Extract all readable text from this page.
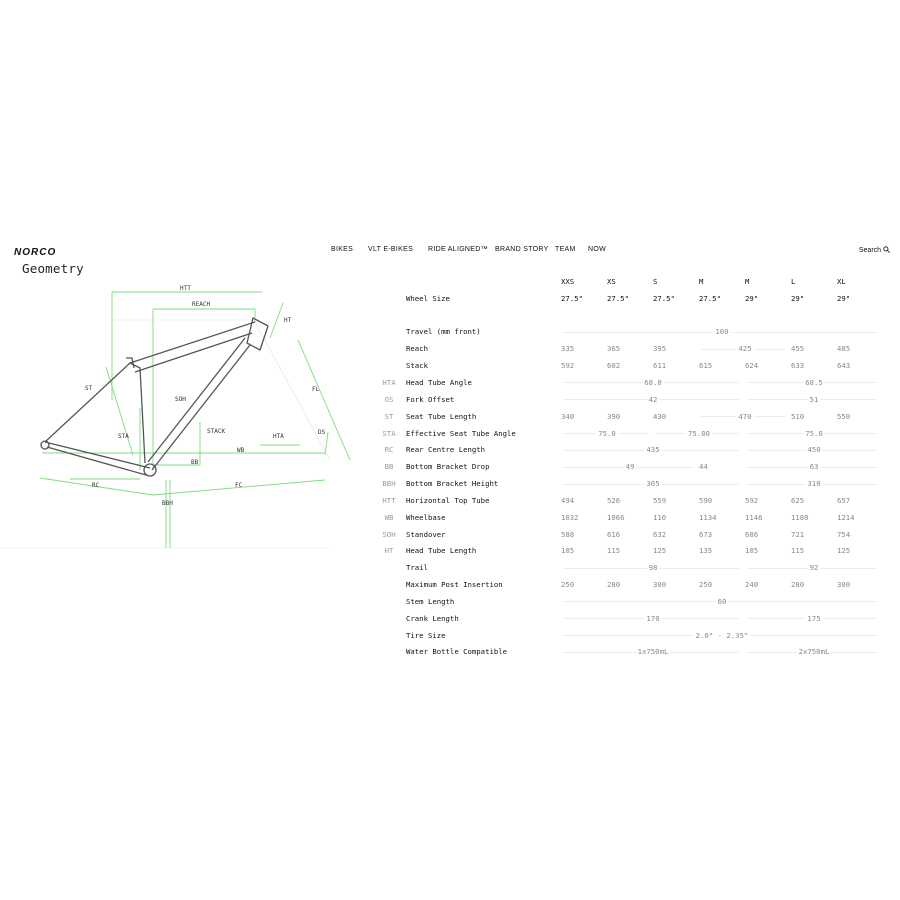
NORCO
Geometry
BIKES VLT E-BIKES RIDE ALIGNED™ BRAND STORY TEAM NOW	Search
HTT
REACH
HT
ST
SOH
FL
STACK
STA	HTA
DS
WB
BB
RC	FC
BBH
		XXS	XS	S	M	M	L	XL
	Wheel Size	27.5"	27.5"	27.5"	27.5"	29"	29"	29"

	Travel (mm front)	100						
	Reach	335	365	395	425		455	485
	Stack	592	602	611	615	624	633	643
HTA	Head Tube Angle	68.0				68.5		
OS	Fork Offset	42				51		
ST	Seat Tube Length	340	390	430	470		510	550
STA	Effective Seat Tube Angle	75.0		75.00		75.0		
RC	Rear Centre Length	435				450		
BB	Bottom Bracket Drop	49			44	63		
BBH	Bottom Bracket Height	305				310		
HTT	Horizontal Top Tube	494	526	559	590	592	625	657
WB	Wheelbase	1032	1066	110	1134	1146	1180	1214
SOH	Standover	588	616	632	673	686	721	754
HT	Head Tube Length	105	115	125	135	105	115	125
	Trail	98				92		
	Maximum Post Insertion	250	280	300	250	240	280	300
	Stem Length	60						
	Crank Length	170				175		
	Tire Size	2.0" - 2.35"						
	Water Bottle Compatible	1x750mL				2x750mL		
